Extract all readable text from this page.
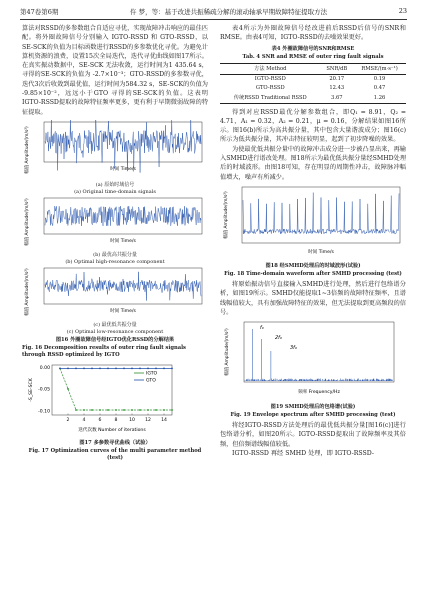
第47卷第6期	仵 梦，等：基于改进共振稀疏分解的滚动轴承早期故障特征提取方法	23

算法对RSSD的多参数组合自适应寻优，实现故障冲击响应的最佳匹配。将外圈故障信号分别输入 IGTO-RSSD 和 GTO-RSSD，以SE-SCK的负值为目标函数进行RSSD的多参数优化寻优。为避免计算机资源的浪费，设置15次全局迭代，迭代寻优曲线如图17所示。在真实振动数据中，SE-SCK 无法收敛，运行时间为1 435.64 s，寻得的SE-SCK的负值为 -2.7×10⁻³；GTO-RSSD的多参数寻优，迭代3次后收敛到最优值，运行时间为584.32 s，SE-SCK的负值为 -9.85×10⁻²，远远小于GTO 寻得的SE-SCK的负值。这表明IGTO-RSSD提取的故障特征频率更多，更有利于早期微弱故障的特征提取。

幅值 Amplitude/(m/s²)	时间 Time/s
(a) 原始时域信号
(a) Original time-domain signals
幅值 Amplitude/(m/s²)	时间 Time/s
(b) 最优高共振分量
(b) Optimal high-resonance component
幅值 Amplitude/(m/s²)	时间 Time/s
(c) 最优低共振分量
(c) Optimal low-resonance component
图16 外圈故障信号经IGTO优化RSSD的分解结果
Fig. 16 Decomposition results of outer ring fault signals through RSSD optimized by IGTO
2	4	6	8	10 12 14
0.00
-0.05
-0.10
-S_SE-SCK
迭代次数 Number of iterations
IGTO
GTO
图17 多参数寻优曲线（试验）
Fig. 17 Optimization curves of the multi parameter method (test)

表4所示为外圈故障信号经改进前后RSSD后信号的SNR和RMSE。由表4可知，IGTO-RSSD的去噪效果更好。

表4 外圈故障信号的SNR和RMSE
Tab. 4 SNR and RMSE of outer ring fault signals
方法 Method	SNR/dB	RMSE/(m·s⁻¹)
IGTO-RSSD	20.17	0.19
GTO-RSSD	12.43	0.47
传统RSSD Traditional RSSD	3.67	1.26

得到对应RSSD最优分解参数组合，即Q₁ = 8.91，Q₂ = 4.71，A₁ = 0.32，A₂ = 0.21，μ = 0.16，分解结果如图16所示。图16(b)所示为高共振分量，其中包含大量谐波成分；图16(c)所示为低共振分量，其冲击特征较明显，起到了初步降噪的效果。

为使最优低共振分量中的故障冲击成分进一步被凸显出来，再输入SMHD进行谱改处理。图18所示为最优低共振分量经SMHD处理后的时域波形。由图18可知，存在明显的周期性冲击，故障脉冲幅值增大，噪声有所减少。

幅值 Amplitude/(m/s²)
时间 Time/s
图18 经SMHD处理后的时域波形(试验)
Fig. 18 Time-domain waveform after SMHD processing (test)

将原始振动信号直接输入SMHD进行处理，然后进行包络谱分析，如图19所示。SMHD仅能提取1~3倍频的故障特征频率，且谱线幅值较大，具有加强故障特征的效果，但无法提取到更高频段的信号。

f₀
2f₀
3f₀
幅值 Amplitude/(m/s²)
频率 Frequency/Hz
图19 SMHD处理后的包络谱(试验)
Fig. 19 Envelope spectrum after SMHD processing (test)

将经IGTO-RSSD方法处理后的最优低共振分量[图16(c)]进行包络谱分析，如图20所示。IGTO-RSSD提取出了故障频率及其倍频，但倍频谱线幅值较低。

IGTO-RSSD 再经 SMHD 处理，即 IGTO-RSSD-
